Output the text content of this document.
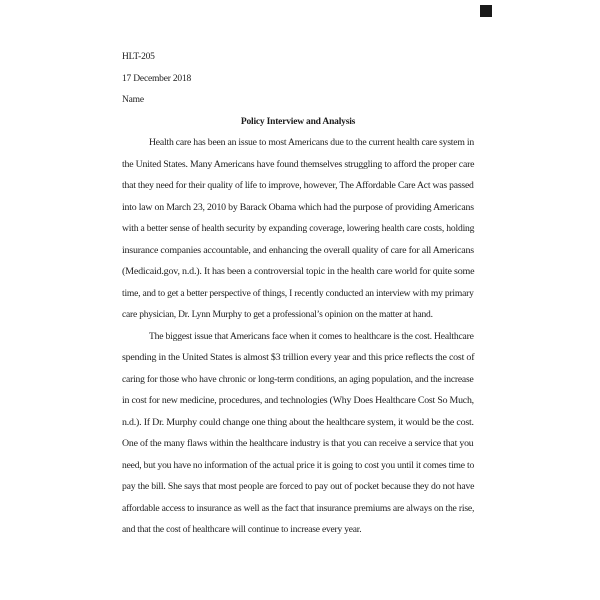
HLT-205
17 December 2018
Name
Policy Interview and Analysis
Health care has been an issue to most Americans due to the current health care system in
the United States. Many Americans have found themselves struggling to afford the proper care
that they need for their quality of life to improve, however, The Affordable Care Act was passed
into law on March 23, 2010 by Barack Obama which had the purpose of providing Americans
with a better sense of health security by expanding coverage, lowering health care costs, holding
insurance companies accountable, and enhancing the overall quality of care for all Americans
(Medicaid.gov, n.d.). It has been a controversial topic in the health care world for quite some
time, and to get a better perspective of things, I recently conducted an interview with my primary
care physician, Dr. Lynn Murphy to get a professional’s opinion on the matter at hand.
The biggest issue that Americans face when it comes to healthcare is the cost. Healthcare
spending in the United States is almost $3 trillion every year and this price reflects the cost of
caring for those who have chronic or long-term conditions, an aging population, and the increase
in cost for new medicine, procedures, and technologies (Why Does Healthcare Cost So Much,
n.d.). If Dr. Murphy could change one thing about the healthcare system, it would be the cost.
One of the many flaws within the healthcare industry is that you can receive a service that you
need, but you have no information of the actual price it is going to cost you until it comes time to
pay the bill. She says that most people are forced to pay out of pocket because they do not have
affordable access to insurance as well as the fact that insurance premiums are always on the rise,
and that the cost of healthcare will continue to increase every year.
